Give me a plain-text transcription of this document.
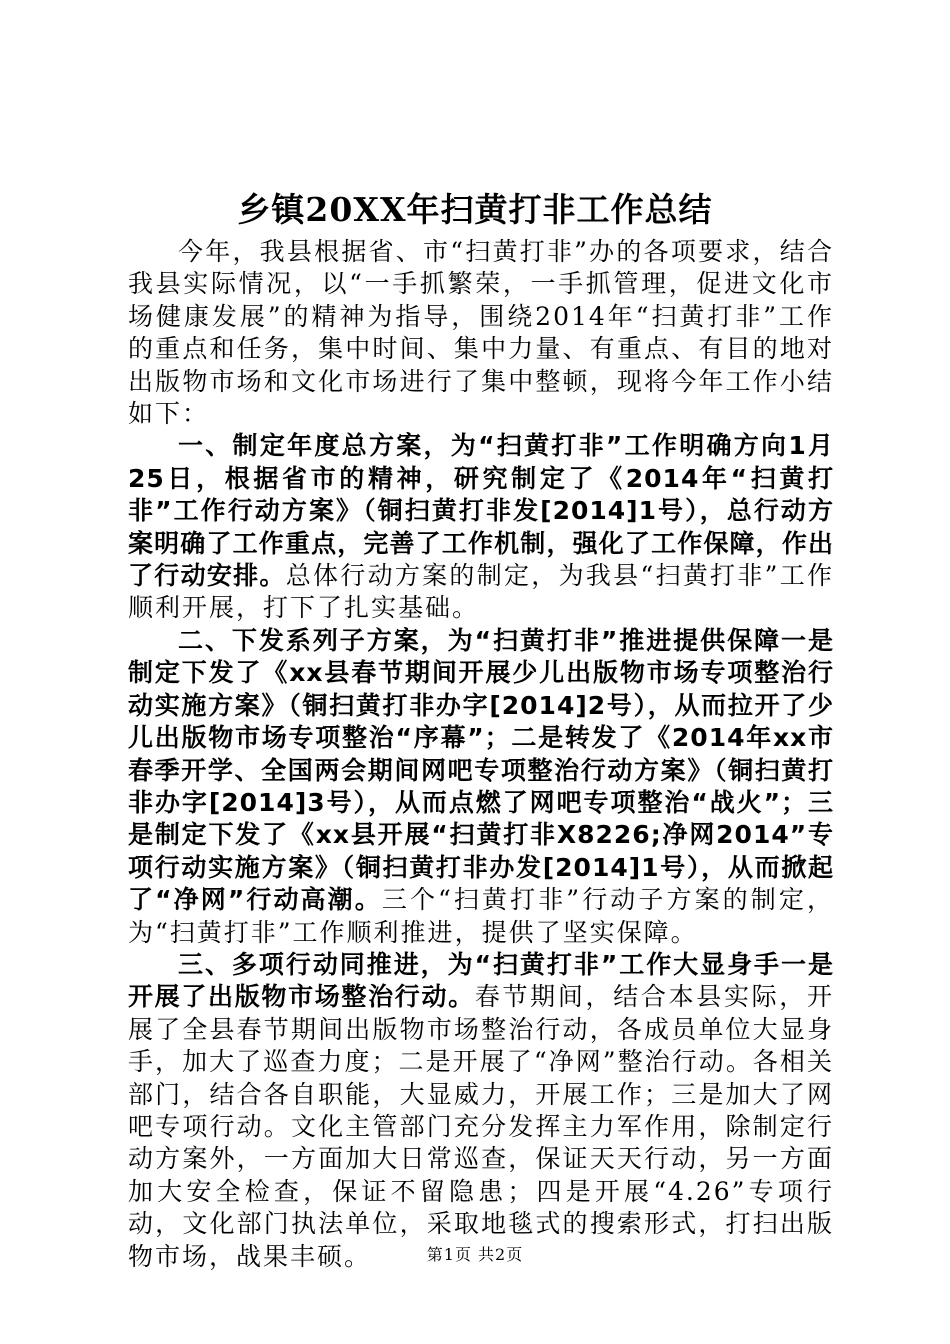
乡镇20XX年扫黄打非工作总结

今年，我县根据省、市“扫黄打非”办的各项要求，结合我县实际情况，以“一手抓繁荣，一手抓管理，促进文化市场健康发展”的精神为指导，围绕2014年“扫黄打非”工作的重点和任务，集中时间、集中力量、有重点、有目的地对出版物市场和文化市场进行了集中整顿，现将今年工作小结如下：

一、制定年度总方案，为“扫黄打非”工作明确方向1月25日，根据省市的精神，研究制定了《2014年“扫黄打非”工作行动方案》（铜扫黄打非发[2014]1号），总行动方案明确了工作重点，完善了工作机制，强化了工作保障，作出了行动安排。总体行动方案的制定，为我县“扫黄打非”工作顺利开展，打下了扎实基础。

二、下发系列子方案，为“扫黄打非”推进提供保障一是制定下发了《xx县春节期间开展少儿出版物市场专项整治行动实施方案》（铜扫黄打非办字[2014]2号），从而拉开了少儿出版物市场专项整治“序幕”；二是转发了《2014年xx市春季开学、全国两会期间网吧专项整治行动方案》（铜扫黄打非办字[2014]3号），从而点燃了网吧专项整治“战火”；三是制定下发了《xx县开展“扫黄打非X8226;净网2014”专项行动实施方案》（铜扫黄打非办发[2014]1号），从而掀起了“净网”行动高潮。三个“扫黄打非”行动子方案的制定，为“扫黄打非”工作顺利推进，提供了坚实保障。

三、多项行动同推进，为“扫黄打非”工作大显身手一是开展了出版物市场整治行动。春节期间，结合本县实际，开展了全县春节期间出版物市场整治行动，各成员单位大显身手，加大了巡查力度；二是开展了“净网”整治行动。各相关部门，结合各自职能，大显威力，开展工作；三是加大了网吧专项行动。文化主管部门充分发挥主力军作用，除制定行动方案外，一方面加大日常巡查，保证天天行动，另一方面加大安全检查，保证不留隐患；四是开展“4.26”专项行动，文化部门执法单位，采取地毯式的搜索形式，打扫出版物市场，战果丰硕。	第1页 共2页
